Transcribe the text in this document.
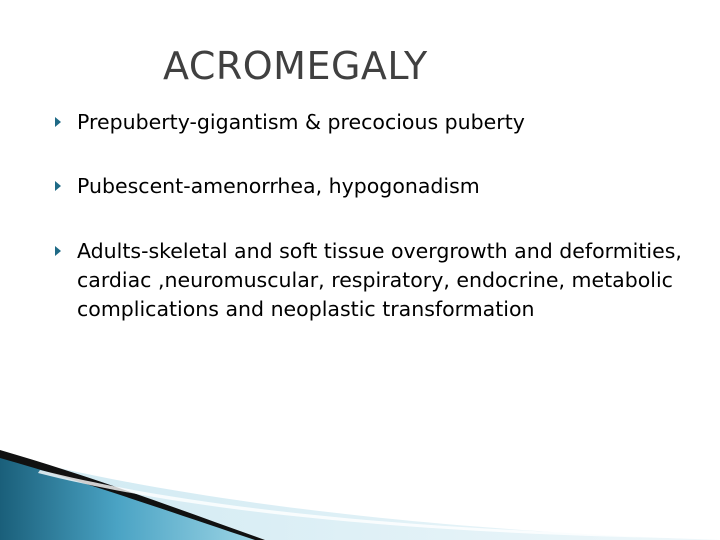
ACROMEGALY
Prepuberty-gigantism & precocious puberty
Pubescent-amenorrhea, hypogonadism
Adults-skeletal and soft tissue overgrowth and deformities, cardiac ,neuromuscular, respiratory, endocrine, metabolic complications and neoplastic transformation
